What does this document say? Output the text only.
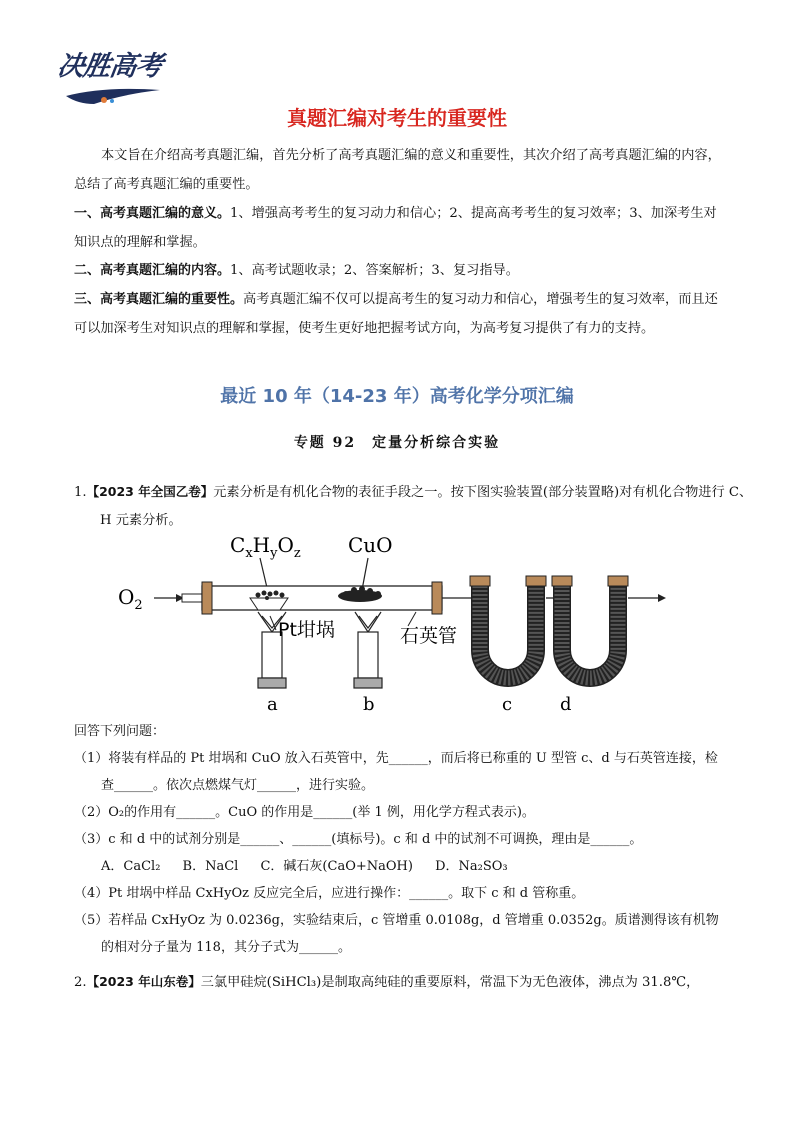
决胜高考
真题汇编对考生的重要性
本文旨在介绍高考真题汇编，首先分析了高考真题汇编的意义和重要性，其次介绍了高考真题汇编的内容，总结了高考真题汇编的重要性。
一、高考真题汇编的意义。1、增强高考考生的复习动力和信心；2、提高高考考生的复习效率；3、加深考生对知识点的理解和掌握。
二、高考真题汇编的内容。1、高考试题收录；2、答案解析；3、复习指导。
三、高考真题汇编的重要性。高考真题汇编不仅可以提高考生的复习动力和信心，增强考生的复习效率，而且还可以加深考生对知识点的理解和掌握，使考生更好地把握考试方向，为高考复习提供了有力的支持。
最近 10 年（14-23 年）高考化学分项汇编
专题 92　定量分析综合实验
1.【2023 年全国乙卷】元素分析是有机化合物的表征手段之一。按下图实验装置(部分装置略)对有机化合物进行 C、H 元素分析。
$C_xH_yO_z$ CuO
$O_2$
Pt坩埚	石英管
a	b	c	d
回答下列问题：
（1）将装有样品的 Pt 坩埚和 CuO 放入石英管中，先______，而后将已称重的 U 型管 c、d 与石英管连接，检查______。依次点燃煤气灯______，进行实验。
（2）O₂的作用有______。CuO 的作用是______(举 1 例，用化学方程式表示)。
（3）c 和 d 中的试剂分别是______、______(填标号)。c 和 d 中的试剂不可调换，理由是______。
A．CaCl₂ B．NaCl C．碱石灰(CaO+NaOH) D．Na₂SO₃
（4）Pt 坩埚中样品 CxHyOz 反应完全后，应进行操作：______。取下 c 和 d 管称重。
（5）若样品 CxHyOz 为 0.0236g，实验结束后，c 管增重 0.0108g，d 管增重 0.0352g。质谱测得该有机物的相对分子量为 118，其分子式为______。
2.【2023 年山东卷】三氯甲硅烷(SiHCl₃)是制取高纯硅的重要原料，常温下为无色液体，沸点为 31.8℃，
